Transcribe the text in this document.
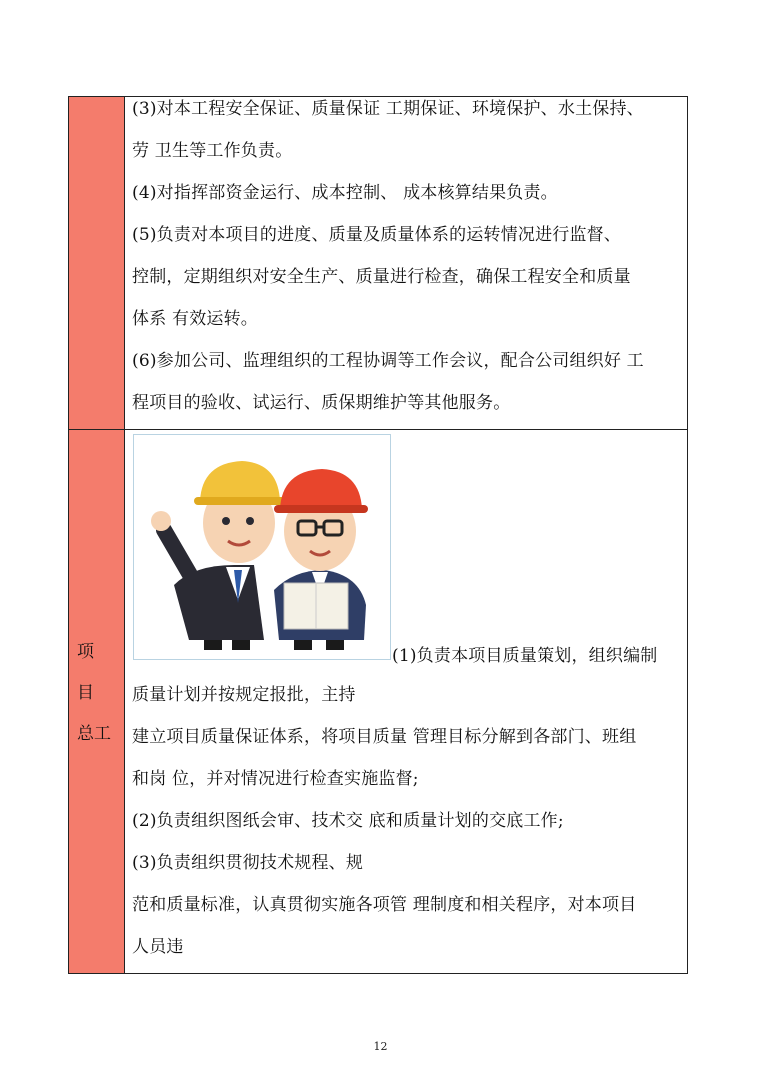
(3)对本工程安全保证、质量保证 工期保证、环境保护、水土保持、
劳 卫生等工作负责。
(4)对指挥部资金运行、成本控制、 成本核算结果负责。
(5)负责对本项目的进度、质量及质量体系的运转情况进行监督、
控制，定期组织对安全生产、质量进行检查，确保工程安全和质量
体系 有效运转。
(6)参加公司、监理组织的工程协调等工作会议，配合公司组织好 工
程项目的验收、试运行、质保期维护等其他服务。
项
目
总工
(1)负责本项目质量策划，组织编制
质量计划并按规定报批，主持
建立项目质量保证体系，将项目质量 管理目标分解到各部门、班组
和岗 位，并对情况进行检查实施监督;
(2)负责组织图纸会审、技术交 底和质量计划的交底工作;
(3)负责组织贯彻技术规程、规
范和质量标准，认真贯彻实施各项管 理制度和相关程序，对本项目
人员违
12
